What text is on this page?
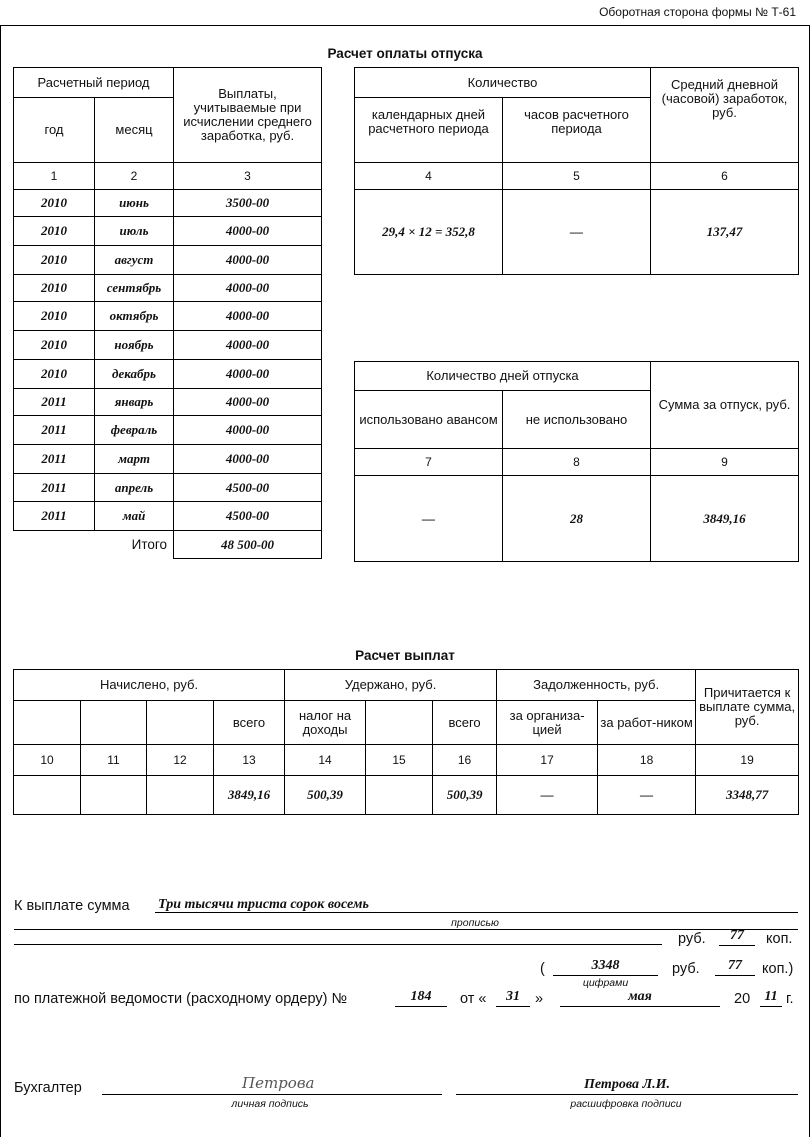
Оборотная сторона формы № Т-61
Расчет оплаты отпуска
Расчетный период		Выплаты, учитываемые при исчислении среднего заработка, руб.
год	месяц	
1	2	3
2010	июнь	3500-00
2010	июль	4000-00
2010	август	4000-00
2010	сентябрь	4000-00
2010	октябрь	4000-00
2010	ноябрь	4000-00
2010	декабрь	4000-00
2011	январь	4000-00
2011	февраль	4000-00
2011	март	4000-00
2011	апрель	4500-00
2011	май	4500-00
Итого		48 500-00
Количество		Средний дневной (часовой) заработок, руб.
календарных дней расчетного периода	часов расчетного периода	
4	5	6
29,4 × 12 = 352,8	—	137,47
Количество дней отпуска		Сумма за отпуск, руб.
использовано авансом	не использовано	
7	8	9
—	28	3849,16
Расчет выплат
Начислено, руб.				Удержано, руб.			Задолженность, руб.		Причитается к выплате сумма, руб.
			всего	налог на доходы		всего	за организа-цией	за работ-ником	
10	11	12	13	14	15	16	17	18	19
			3849,16	500,39		500,39	—	—	3348,77
К выплате сумма Три тысячи триста сорок восемь
прописью
руб.	77	коп.
(	3348
цифрами
руб.	77	коп.)
по платежной ведомости (расходному ордеру) №	184	от «	31	»	мая	20	11 г.
Бухгалтер	Петрова
личная подпись
Петрова Л.И.
расшифровка подписи
